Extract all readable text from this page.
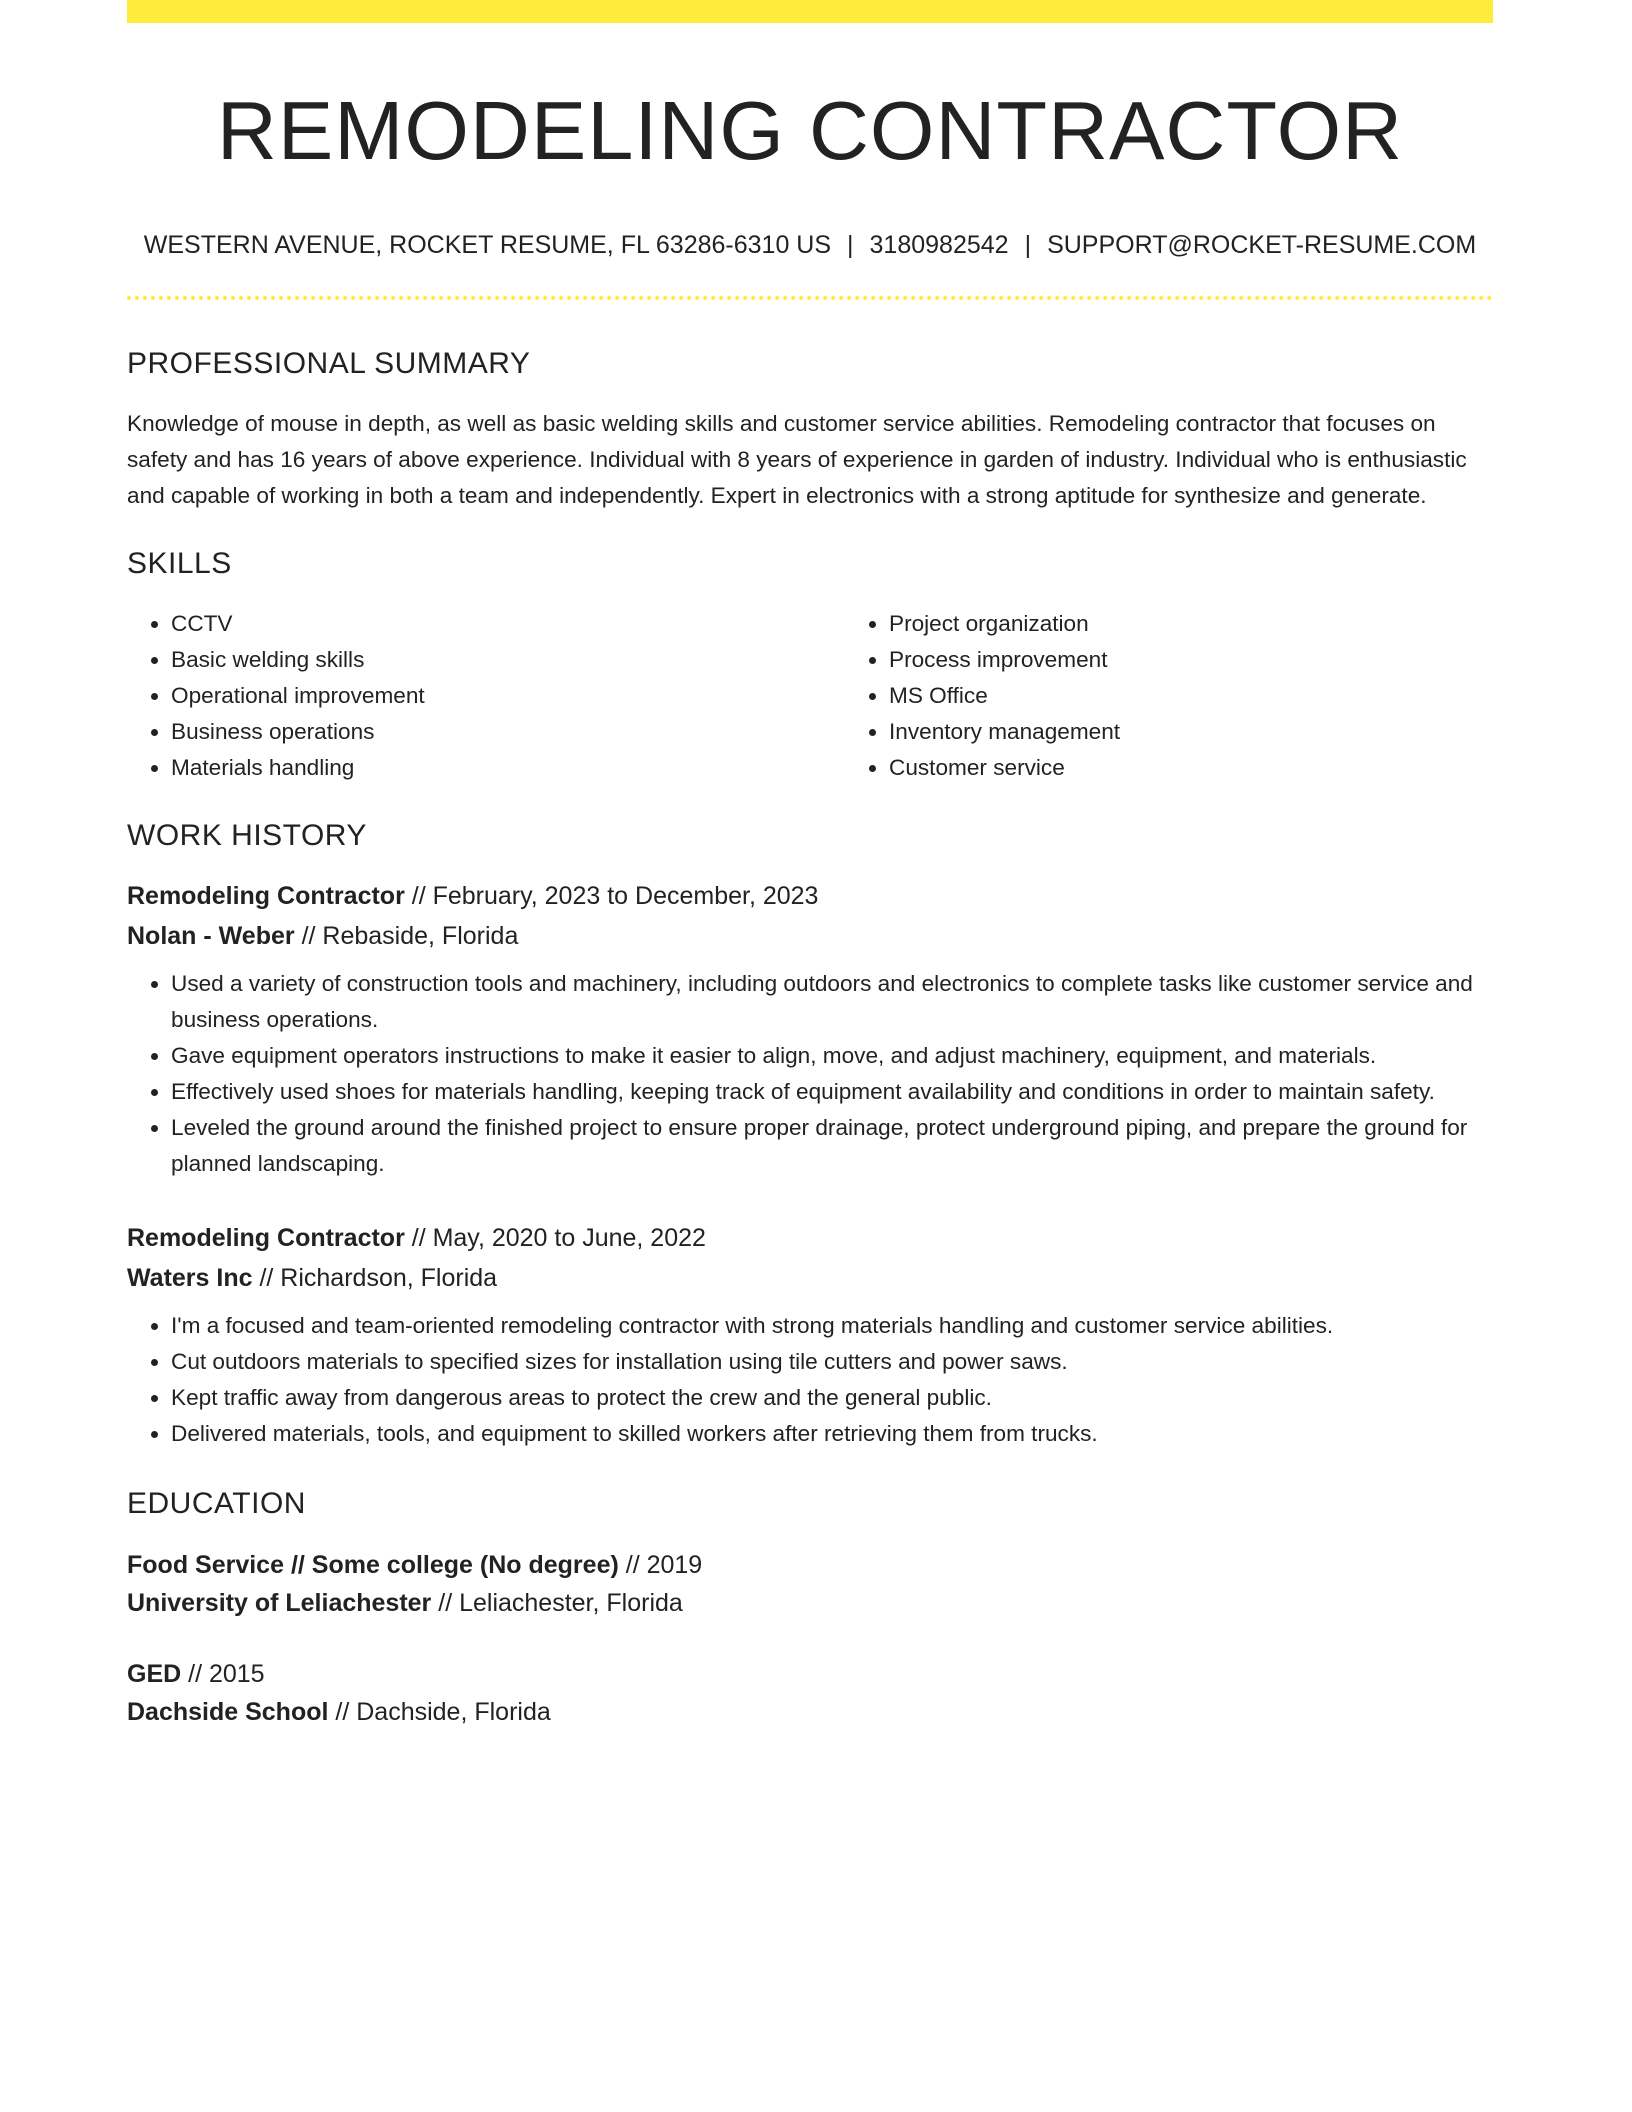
REMODELING CONTRACTOR
WESTERN AVENUE, ROCKET RESUME, FL 63286-6310 US | 3180982542 | SUPPORT@ROCKET-RESUME.COM
PROFESSIONAL SUMMARY
Knowledge of mouse in depth, as well as basic welding skills and customer service abilities. Remodeling contractor that focuses on safety and has 16 years of above experience. Individual with 8 years of experience in garden of industry. Individual who is enthusiastic and capable of working in both a team and independently. Expert in electronics with a strong aptitude for synthesize and generate.
SKILLS
• CCTV
• Basic welding skills
• Operational improvement
• Business operations
• Materials handling
• Project organization
• Process improvement
• MS Office
• Inventory management
• Customer service
WORK HISTORY
Remodeling Contractor // February, 2023 to December, 2023
Nolan - Weber // Rebaside, Florida
• Used a variety of construction tools and machinery, including outdoors and electronics to complete tasks like customer service and business operations.
• Gave equipment operators instructions to make it easier to align, move, and adjust machinery, equipment, and materials.
• Effectively used shoes for materials handling, keeping track of equipment availability and conditions in order to maintain safety.
• Leveled the ground around the finished project to ensure proper drainage, protect underground piping, and prepare the ground for planned landscaping.
Remodeling Contractor // May, 2020 to June, 2022
Waters Inc // Richardson, Florida
• I'm a focused and team-oriented remodeling contractor with strong materials handling and customer service abilities.
• Cut outdoors materials to specified sizes for installation using tile cutters and power saws.
• Kept traffic away from dangerous areas to protect the crew and the general public.
• Delivered materials, tools, and equipment to skilled workers after retrieving them from trucks.
EDUCATION
Food Service // Some college (No degree) // 2019
University of Leliachester // Leliachester, Florida
GED // 2015
Dachside School // Dachside, Florida
